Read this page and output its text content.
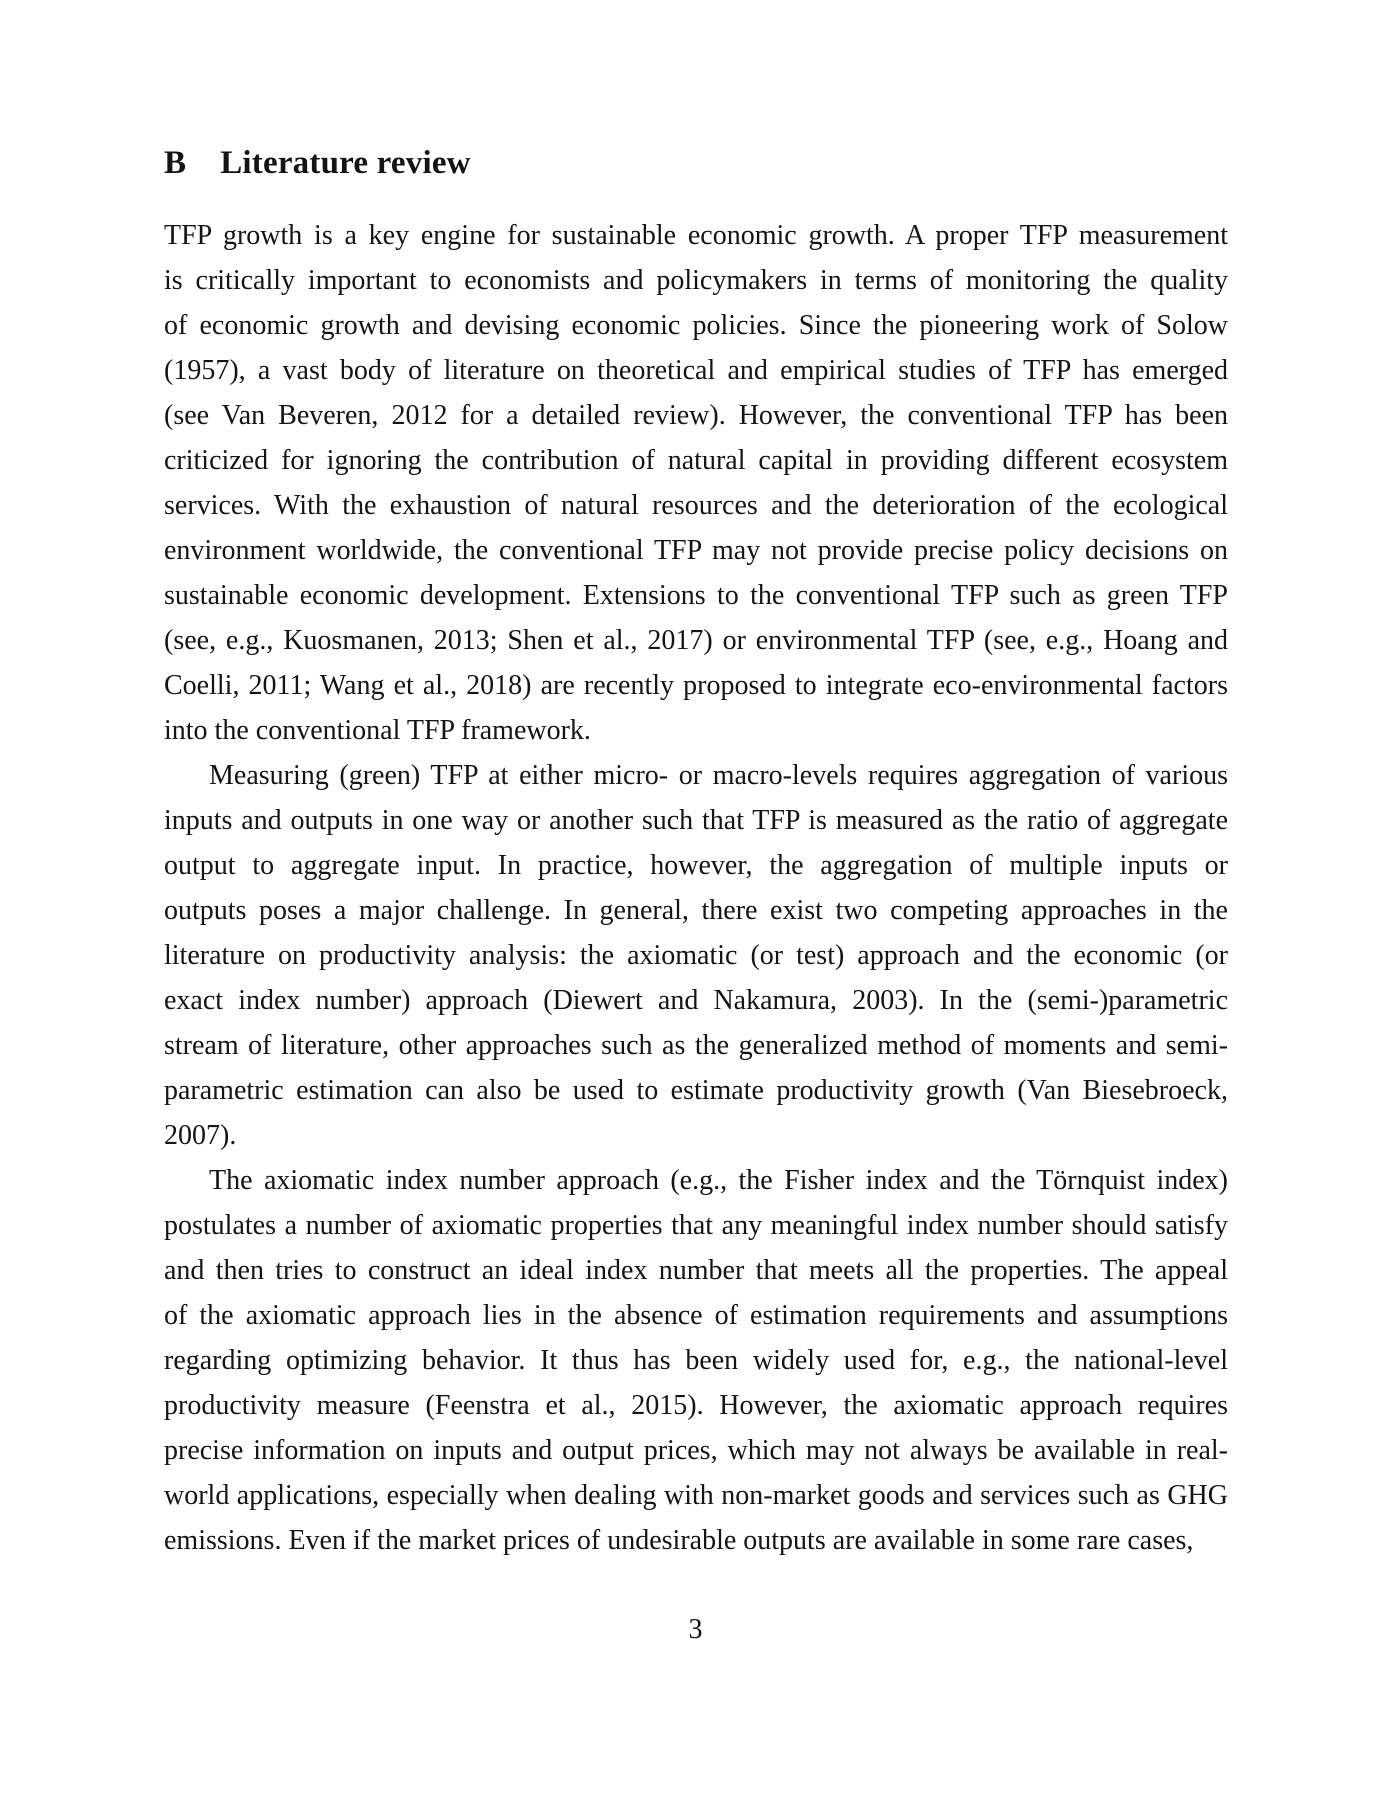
B Literature review
TFP growth is a key engine for sustainable economic growth. A proper TFP measurement
is critically important to economists and policymakers in terms of monitoring the quality
of economic growth and devising economic policies. Since the pioneering work of Solow
(1957), a vast body of literature on theoretical and empirical studies of TFP has emerged
(see Van Beveren, 2012 for a detailed review). However, the conventional TFP has been
criticized for ignoring the contribution of natural capital in providing different ecosystem
services. With the exhaustion of natural resources and the deterioration of the ecological
environment worldwide, the conventional TFP may not provide precise policy decisions on
sustainable economic development. Extensions to the conventional TFP such as green TFP
(see, e.g., Kuosmanen, 2013; Shen et al., 2017) or environmental TFP (see, e.g., Hoang and
Coelli, 2011; Wang et al., 2018) are recently proposed to integrate eco-environmental factors
into the conventional TFP framework.
Measuring (green) TFP at either micro- or macro-levels requires aggregation of various
inputs and outputs in one way or another such that TFP is measured as the ratio of aggregate
output to aggregate input. In practice, however, the aggregation of multiple inputs or
outputs poses a major challenge. In general, there exist two competing approaches in the
literature on productivity analysis: the axiomatic (or test) approach and the economic (or
exact index number) approach (Diewert and Nakamura, 2003). In the (semi-)parametric
stream of literature, other approaches such as the generalized method of moments and semi-
parametric estimation can also be used to estimate productivity growth (Van Biesebroeck,
2007).
The axiomatic index number approach (e.g., the Fisher index and the Törnquist index)
postulates a number of axiomatic properties that any meaningful index number should satisfy
and then tries to construct an ideal index number that meets all the properties. The appeal
of the axiomatic approach lies in the absence of estimation requirements and assumptions
regarding optimizing behavior. It thus has been widely used for, e.g., the national-level
productivity measure (Feenstra et al., 2015). However, the axiomatic approach requires
precise information on inputs and output prices, which may not always be available in real-
world applications, especially when dealing with non-market goods and services such as GHG
emissions. Even if the market prices of undesirable outputs are available in some rare cases,
3
